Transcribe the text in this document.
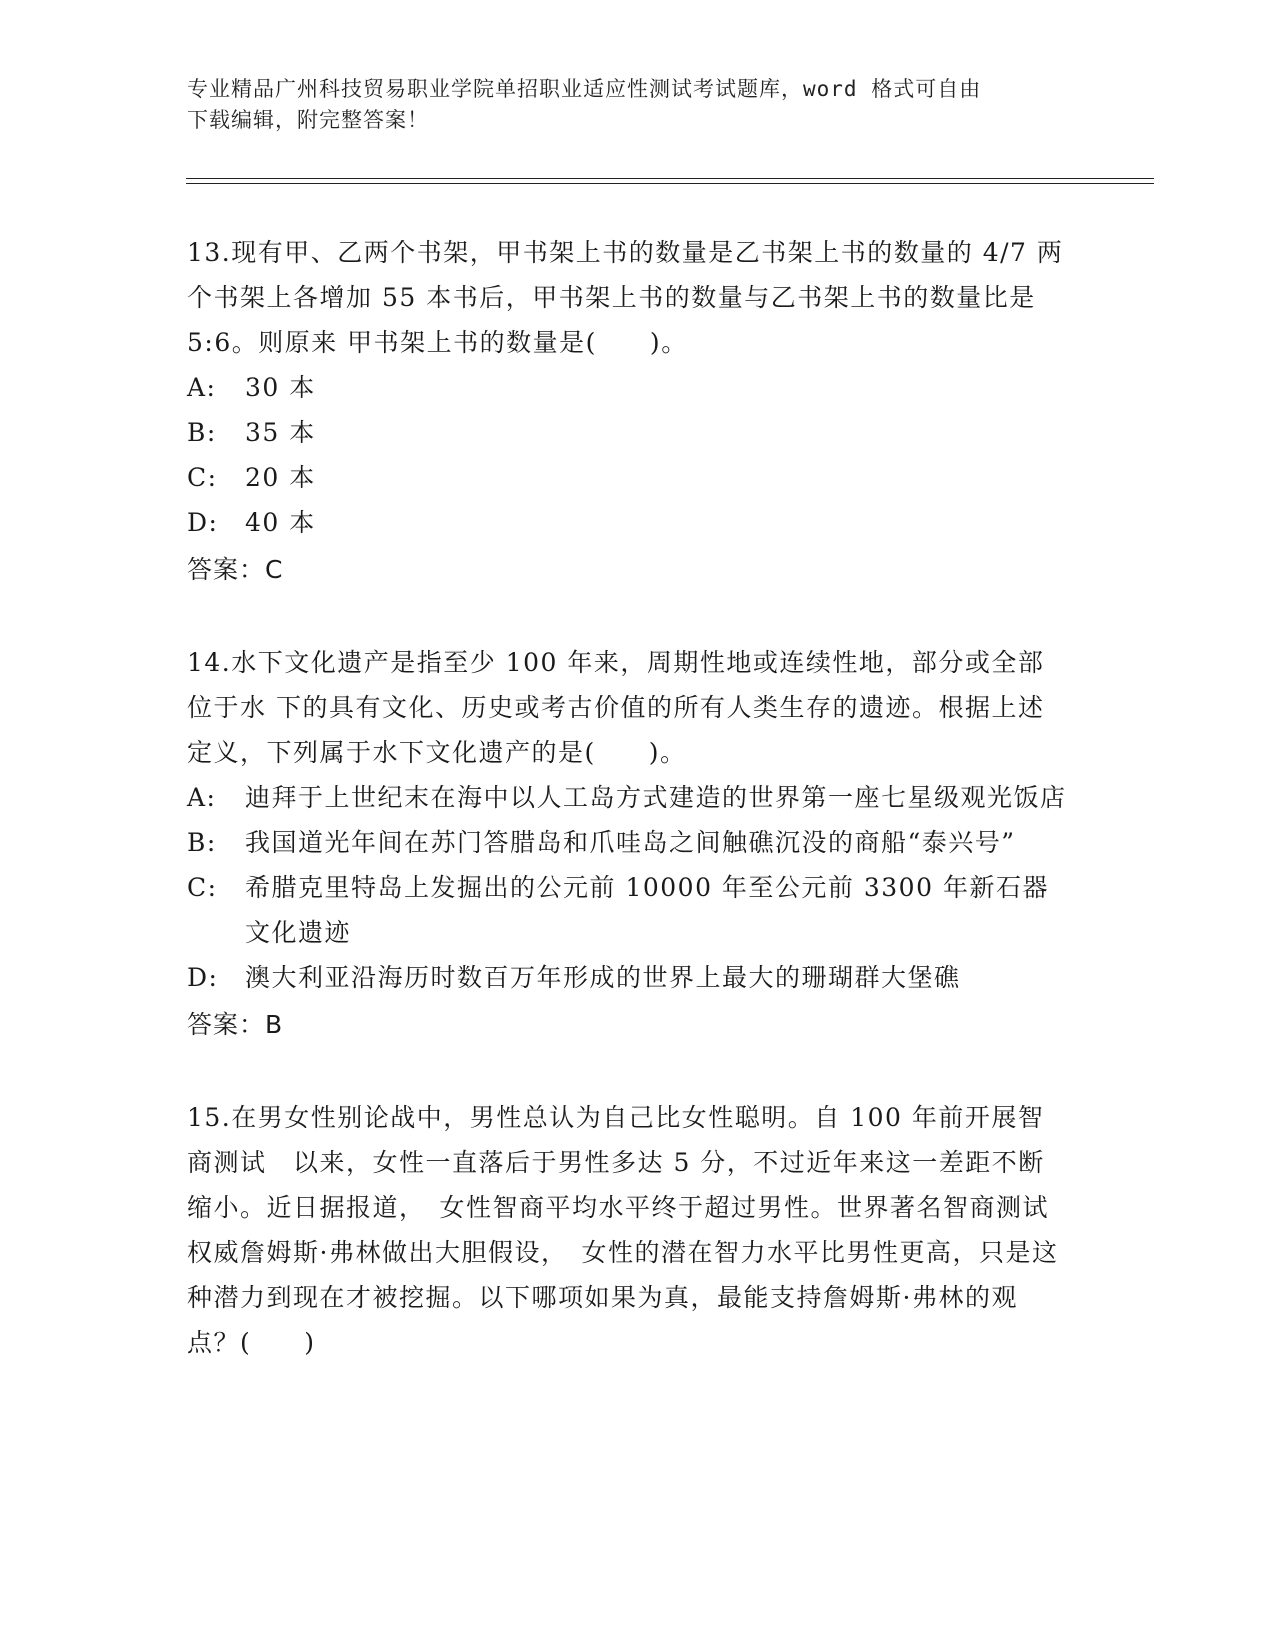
专业精品广州科技贸易职业学院单招职业适应性测试考试题库，word 格式可自由
下载编辑，附完整答案！

13.现有甲、乙两个书架，甲书架上书的数量是乙书架上书的数量的 4/7 两个书架上各增加 55 本书后，甲书架上书的数量与乙书架上书的数量比是 5:6。则原来 甲书架上书的数量是(　　)。

A:	30 本
B:	35 本
C:	20 本
D:	40 本

答案：C

14.水下文化遗产是指至少 100 年来，周期性地或连续性地，部分或全部位于水 下的具有文化、历史或考古价值的所有人类生存的遗迹。根据上述定义，下列属于水下文化遗产的是(　　)。

A:	迪拜于上世纪末在海中以人工岛方式建造的世界第一座七星级观光饭店
B:	我国道光年间在苏门答腊岛和爪哇岛之间触礁沉没的商船“泰兴号”
C:	希腊克里特岛上发掘出的公元前 10000 年至公元前 3300 年新石器文化遗迹
D:	澳大利亚沿海历时数百万年形成的世界上最大的珊瑚群大堡礁

答案：B

15.在男女性别论战中，男性总认为自己比女性聪明。自 100 年前开展智商测试　以来，女性一直落后于男性多达 5 分，不过近年来这一差距不断缩小。近日据报道，　女性智商平均水平终于超过男性。世界著名智商测试权威詹姆斯·弗林做出大胆假设，　女性的潜在智力水平比男性更高，只是这种潜力到现在才被挖掘。以下哪项如果为真，最能支持詹姆斯·弗林的观点？(　　)
